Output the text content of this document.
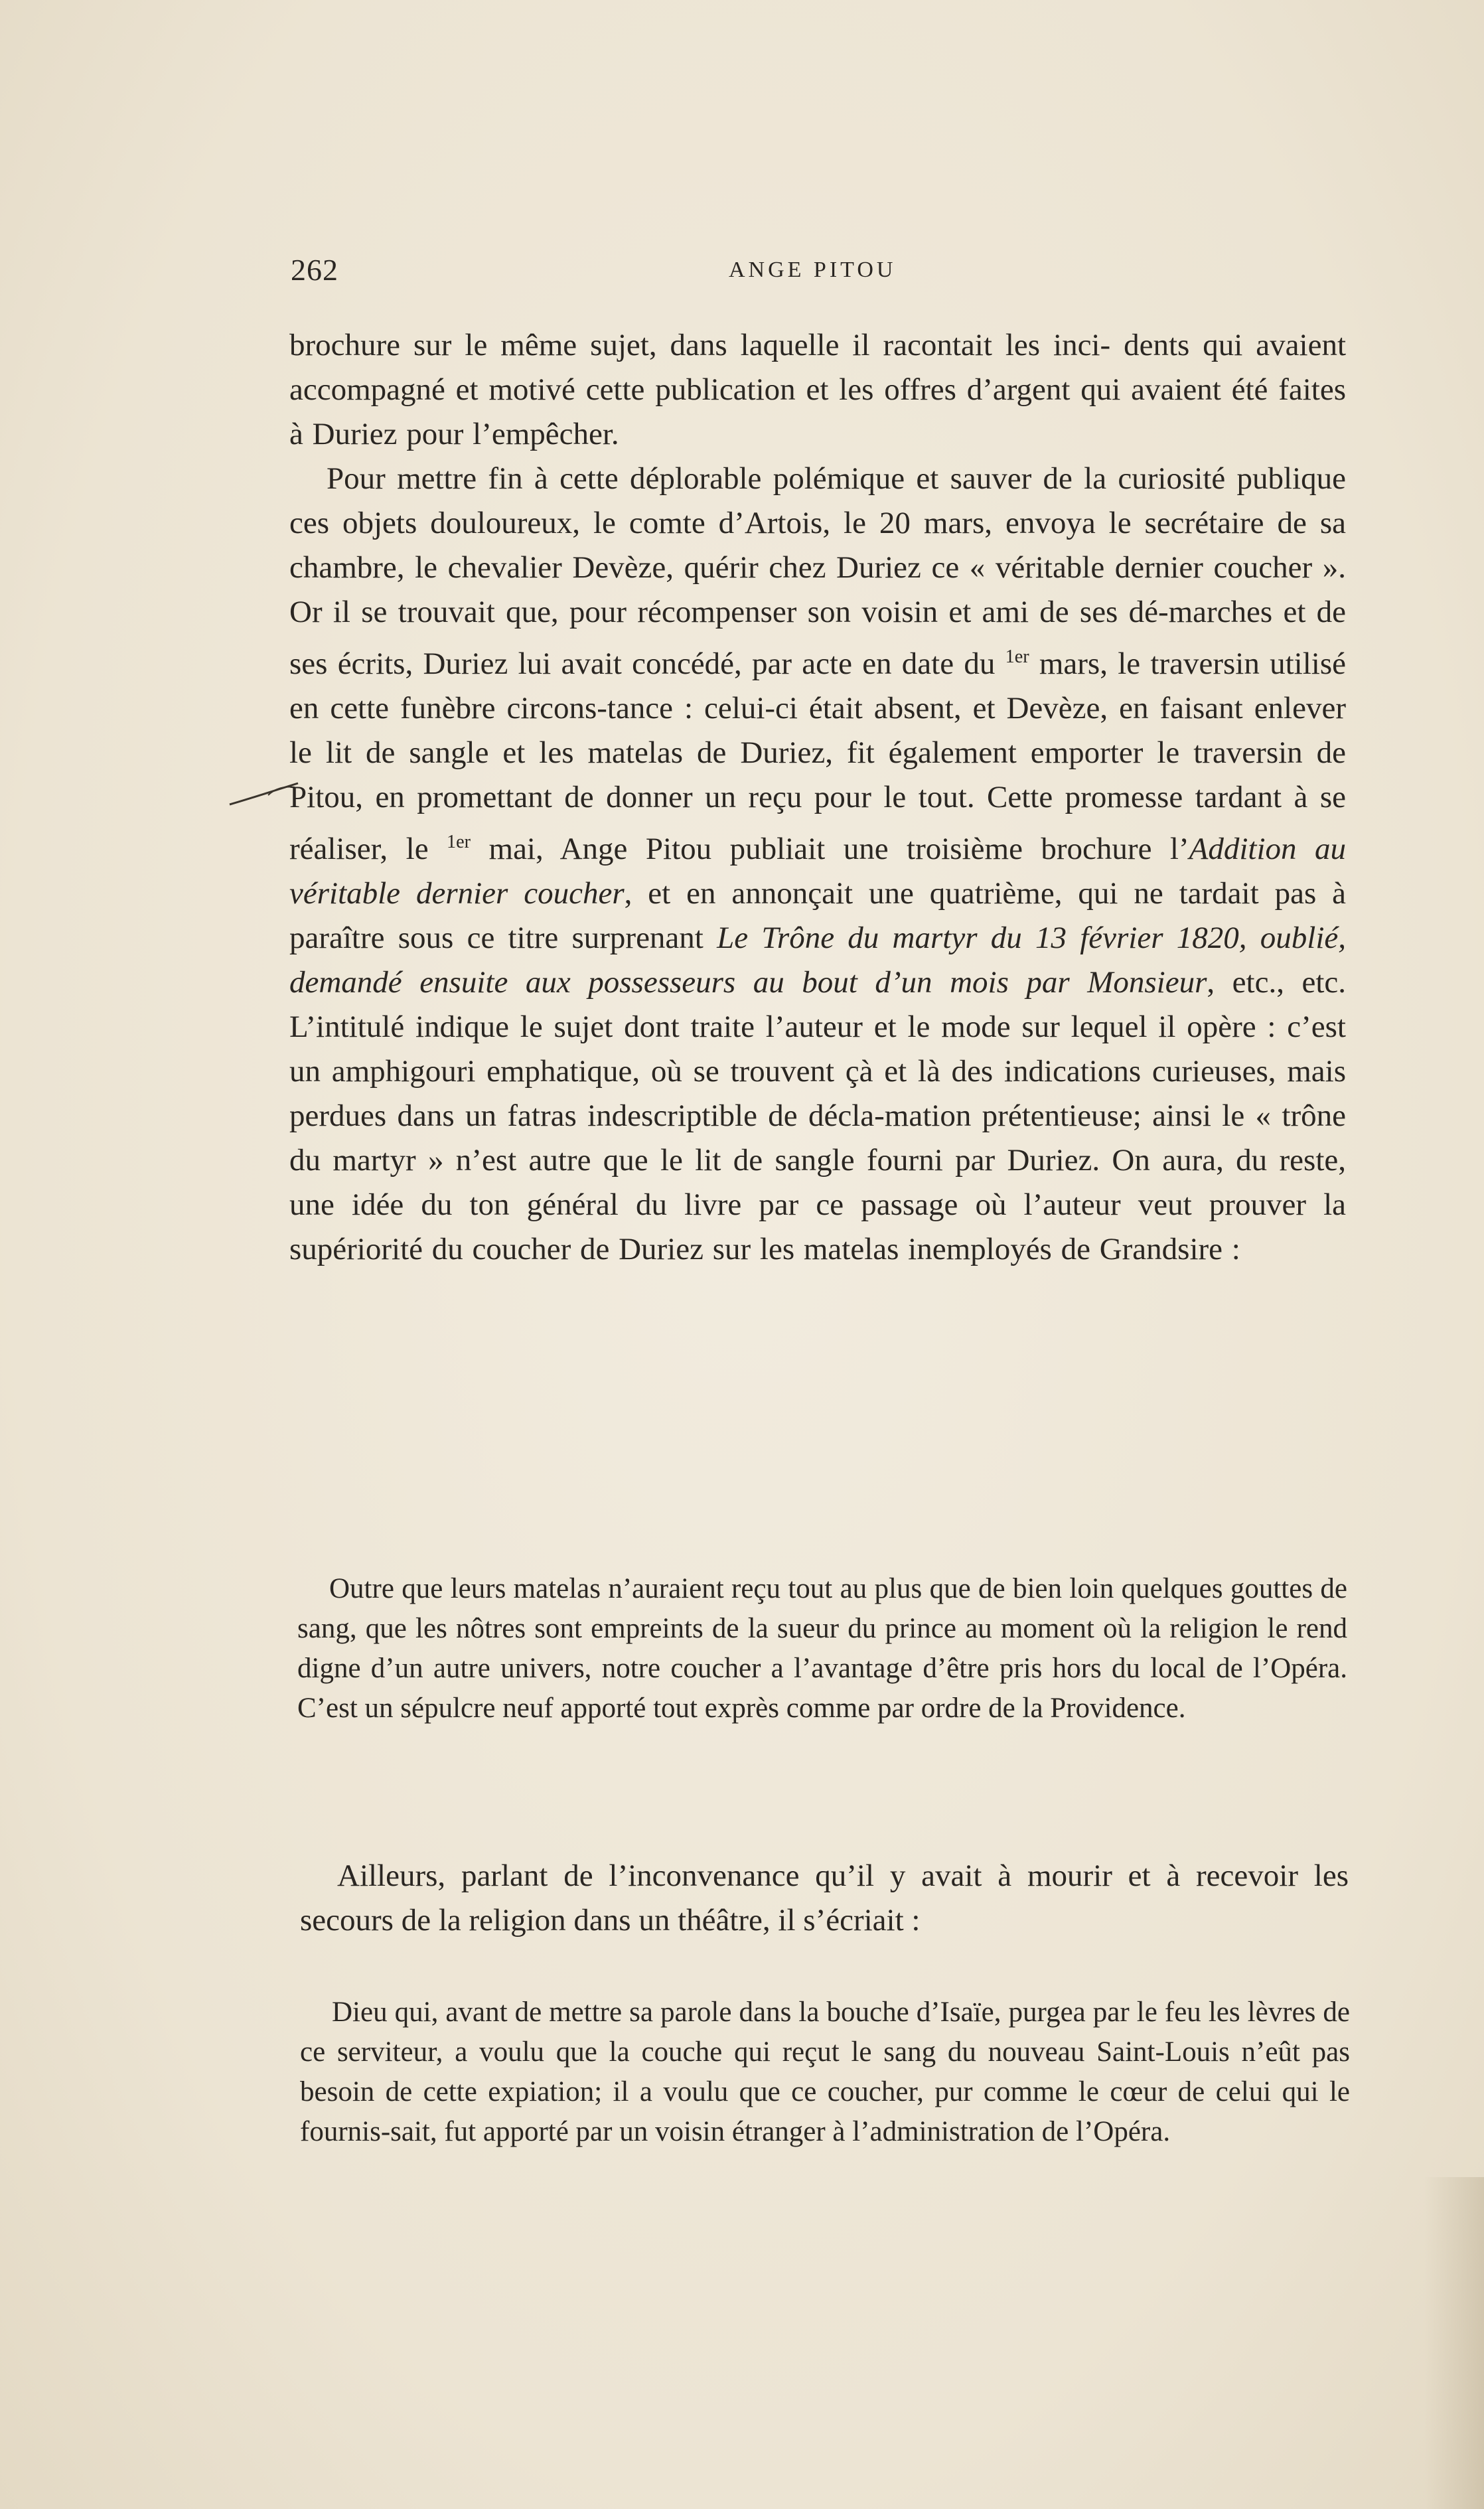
262	ANGE PITOU

brochure sur le même sujet, dans laquelle il racontait les inci- dents qui avaient accompagné et motivé cette publication et les offres d’argent qui avaient été faites à Duriez pour l’empêcher.

Pour mettre fin à cette déplorable polémique et sauver de la curiosité publique ces objets douloureux, le comte d’Artois, le 20 mars, envoya le secrétaire de sa chambre, le chevalier Devèze, quérir chez Duriez ce « véritable dernier coucher ». Or il se trouvait que, pour récompenser son voisin et ami de ses dé-marches et de ses écrits, Duriez lui avait concédé, par acte en date du $^{1er}$ mars, le traversin utilisé en cette funèbre circons-tance : celui-ci était absent, et Devèze, en faisant enlever le lit de sangle et les matelas de Duriez, fit également emporter le traversin de Pitou, en promettant de donner un reçu pour le tout. Cette promesse tardant à se réaliser, le $^{1er}$ mai, Ange Pitou publiait une troisième brochure l’Addition au véritable dernier coucher, et en annonçait une quatrième, qui ne tardait pas à paraître sous ce titre surprenant Le Trône du martyr du 13 février 1820, oublié, demandé ensuite aux possesseurs au bout d’un mois par Monsieur, etc., etc. L’intitulé indique le sujet dont traite l’auteur et le mode sur lequel il opère : c’est un amphigouri emphatique, où se trouvent çà et là des indications curieuses, mais perdues dans un fatras indescriptible de décla-mation prétentieuse; ainsi le « trône du martyr » n’est autre que le lit de sangle fourni par Duriez. On aura, du reste, une idée du ton général du livre par ce passage où l’auteur veut prouver la supériorité du coucher de Duriez sur les matelas inemployés de Grandsire :

Outre que leurs matelas n’auraient reçu tout au plus que de bien loin quelques gouttes de sang, que les nôtres sont empreints de la sueur du prince au moment où la religion le rend digne d’un autre univers, notre coucher a l’avantage d’être pris hors du local de l’Opéra. C’est un sépulcre neuf apporté tout exprès comme par ordre de la Providence.

Ailleurs, parlant de l’inconvenance qu’il y avait à mourir et à recevoir les secours de la religion dans un théâtre, il s’écriait :

Dieu qui, avant de mettre sa parole dans la bouche d’Isaïe, purgea par le feu les lèvres de ce serviteur, a voulu que la couche qui reçut le sang du nouveau Saint-Louis n’eût pas besoin de cette expiation; il a voulu que ce coucher, pur comme le cœur de celui qui le fournis-sait, fut apporté par un voisin étranger à l’administration de l’Opéra.
